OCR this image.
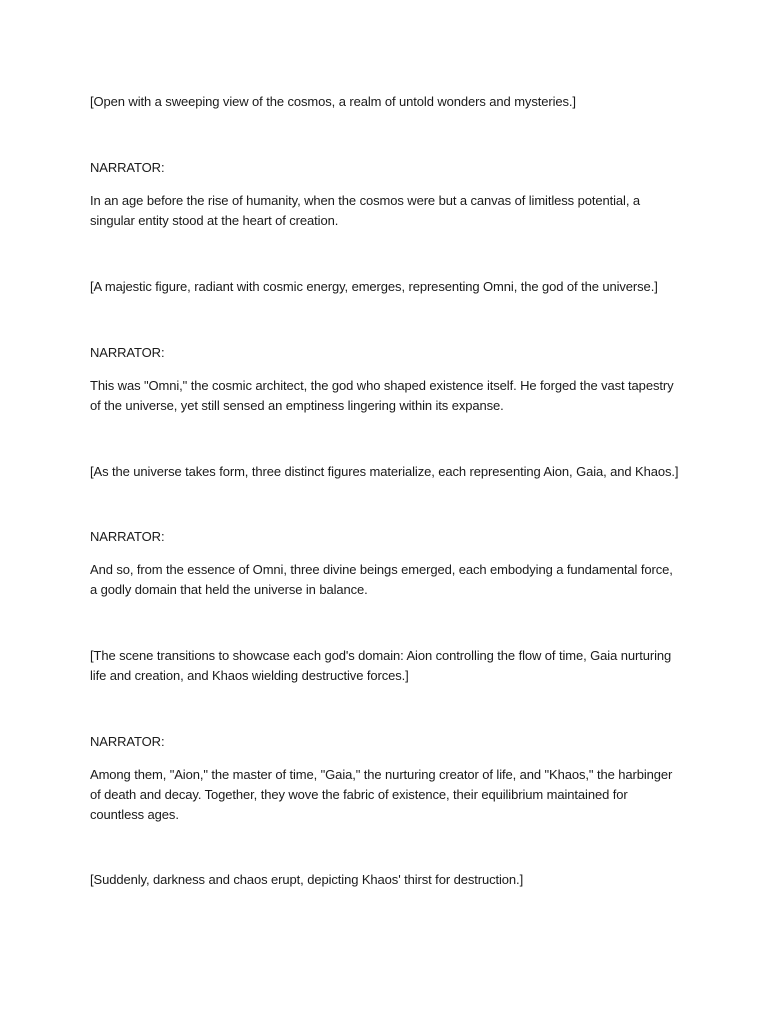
[Open with a sweeping view of the cosmos, a realm of untold wonders and mysteries.]

NARRATOR:

In an age before the rise of humanity, when the cosmos were but a canvas of limitless potential, a singular entity stood at the heart of creation.

[A majestic figure, radiant with cosmic energy, emerges, representing Omni, the god of the universe.]

NARRATOR:

This was "Omni," the cosmic architect, the god who shaped existence itself. He forged the vast tapestry of the universe, yet still sensed an emptiness lingering within its expanse.

[As the universe takes form, three distinct figures materialize, each representing Aion, Gaia, and Khaos.]

NARRATOR:

And so, from the essence of Omni, three divine beings emerged, each embodying a fundamental force, a godly domain that held the universe in balance.

[The scene transitions to showcase each god's domain: Aion controlling the flow of time, Gaia nurturing life and creation, and Khaos wielding destructive forces.]

NARRATOR:

Among them, "Aion," the master of time, "Gaia," the nurturing creator of life, and "Khaos," the harbinger of death and decay. Together, they wove the fabric of existence, their equilibrium maintained for countless ages.

[Suddenly, darkness and chaos erupt, depicting Khaos' thirst for destruction.]
